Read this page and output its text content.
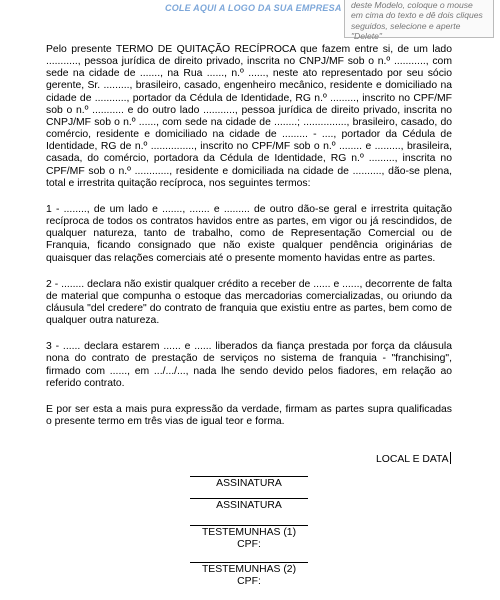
COLE AQUI A LOGO DA SUA EMPRESA	deste Modelo, coloque o mouse em cima do texto e dê dois cliques seguidos, selecione e aperte "Delete"

Pelo presente TERMO DE QUITAÇÃO RECÍPROCA que fazem entre si, de um lado ..........., pessoa jurídica de direito privado, inscrita no CNPJ/MF sob o n.º ..........., com sede na cidade de ......., na Rua ......, n.º ......, neste ato representado por seu sócio gerente, Sr. ........., brasileiro, casado, engenheiro mecânico, residente e domiciliado na cidade de ..........., portador da Cédula de Identidade, RG n.º ........., inscrito no CPF/MF sob o n.º ........... e do outro lado ..........., pessoa jurídica de direito privado, inscrita no CNPJ/MF sob o n.º ......, com sede na cidade de ........; ..............., brasileiro, casado, do comércio, residente e domiciliado na cidade de ......... - ...., portador da Cédula de Identidade, RG de n.º ..............., inscrito no CPF/MF sob o n.º ........ e ........., brasileira, casada, do comércio, portadora da Cédula de Identidade, RG n.º ........., inscrita no CPF/MF sob o n.º ............, residente e domiciliada na cidade de .........., dão-se plena, total e irrestrita quitação recíproca, nos seguintes termos:

1 - ........, de um lado e ......., ....... e ......... de outro dão-se geral e irrestrita quitação recíproca de todos os contratos havidos entre as partes, em vigor ou já rescindidos, de qualquer natureza, tanto de trabalho, como de Representação Comercial ou de Franquia, ficando consignado que não existe qualquer pendência originárias de quaisquer das relações comerciais até o presente momento havidas entre as partes.

2 - ........ declara não existir qualquer crédito a receber de ...... e ......, decorrente de falta de material que compunha o estoque das mercadorias comercializadas, ou oriundo da cláusula "del credere" do contrato de franquia que existiu entre as partes, bem como de qualquer outra natureza.

3 - ...... declara estarem ...... e ...... liberados da fiança prestada por força da cláusula nona do contrato de prestação de serviços no sistema de franquia - "franchising", firmado com ......, em .../.../..., nada lhe sendo devido pelos fiadores, em relação ao referido contrato.

E por ser esta a mais pura expressão da verdade, firmam as partes supra qualificadas o presente termo em três vias de igual teor e forma.

LOCAL E DATA
ASSINATURA
ASSINATURA
TESTEMUNHAS (1)
CPF:
TESTEMUNHAS (2)
CPF:
